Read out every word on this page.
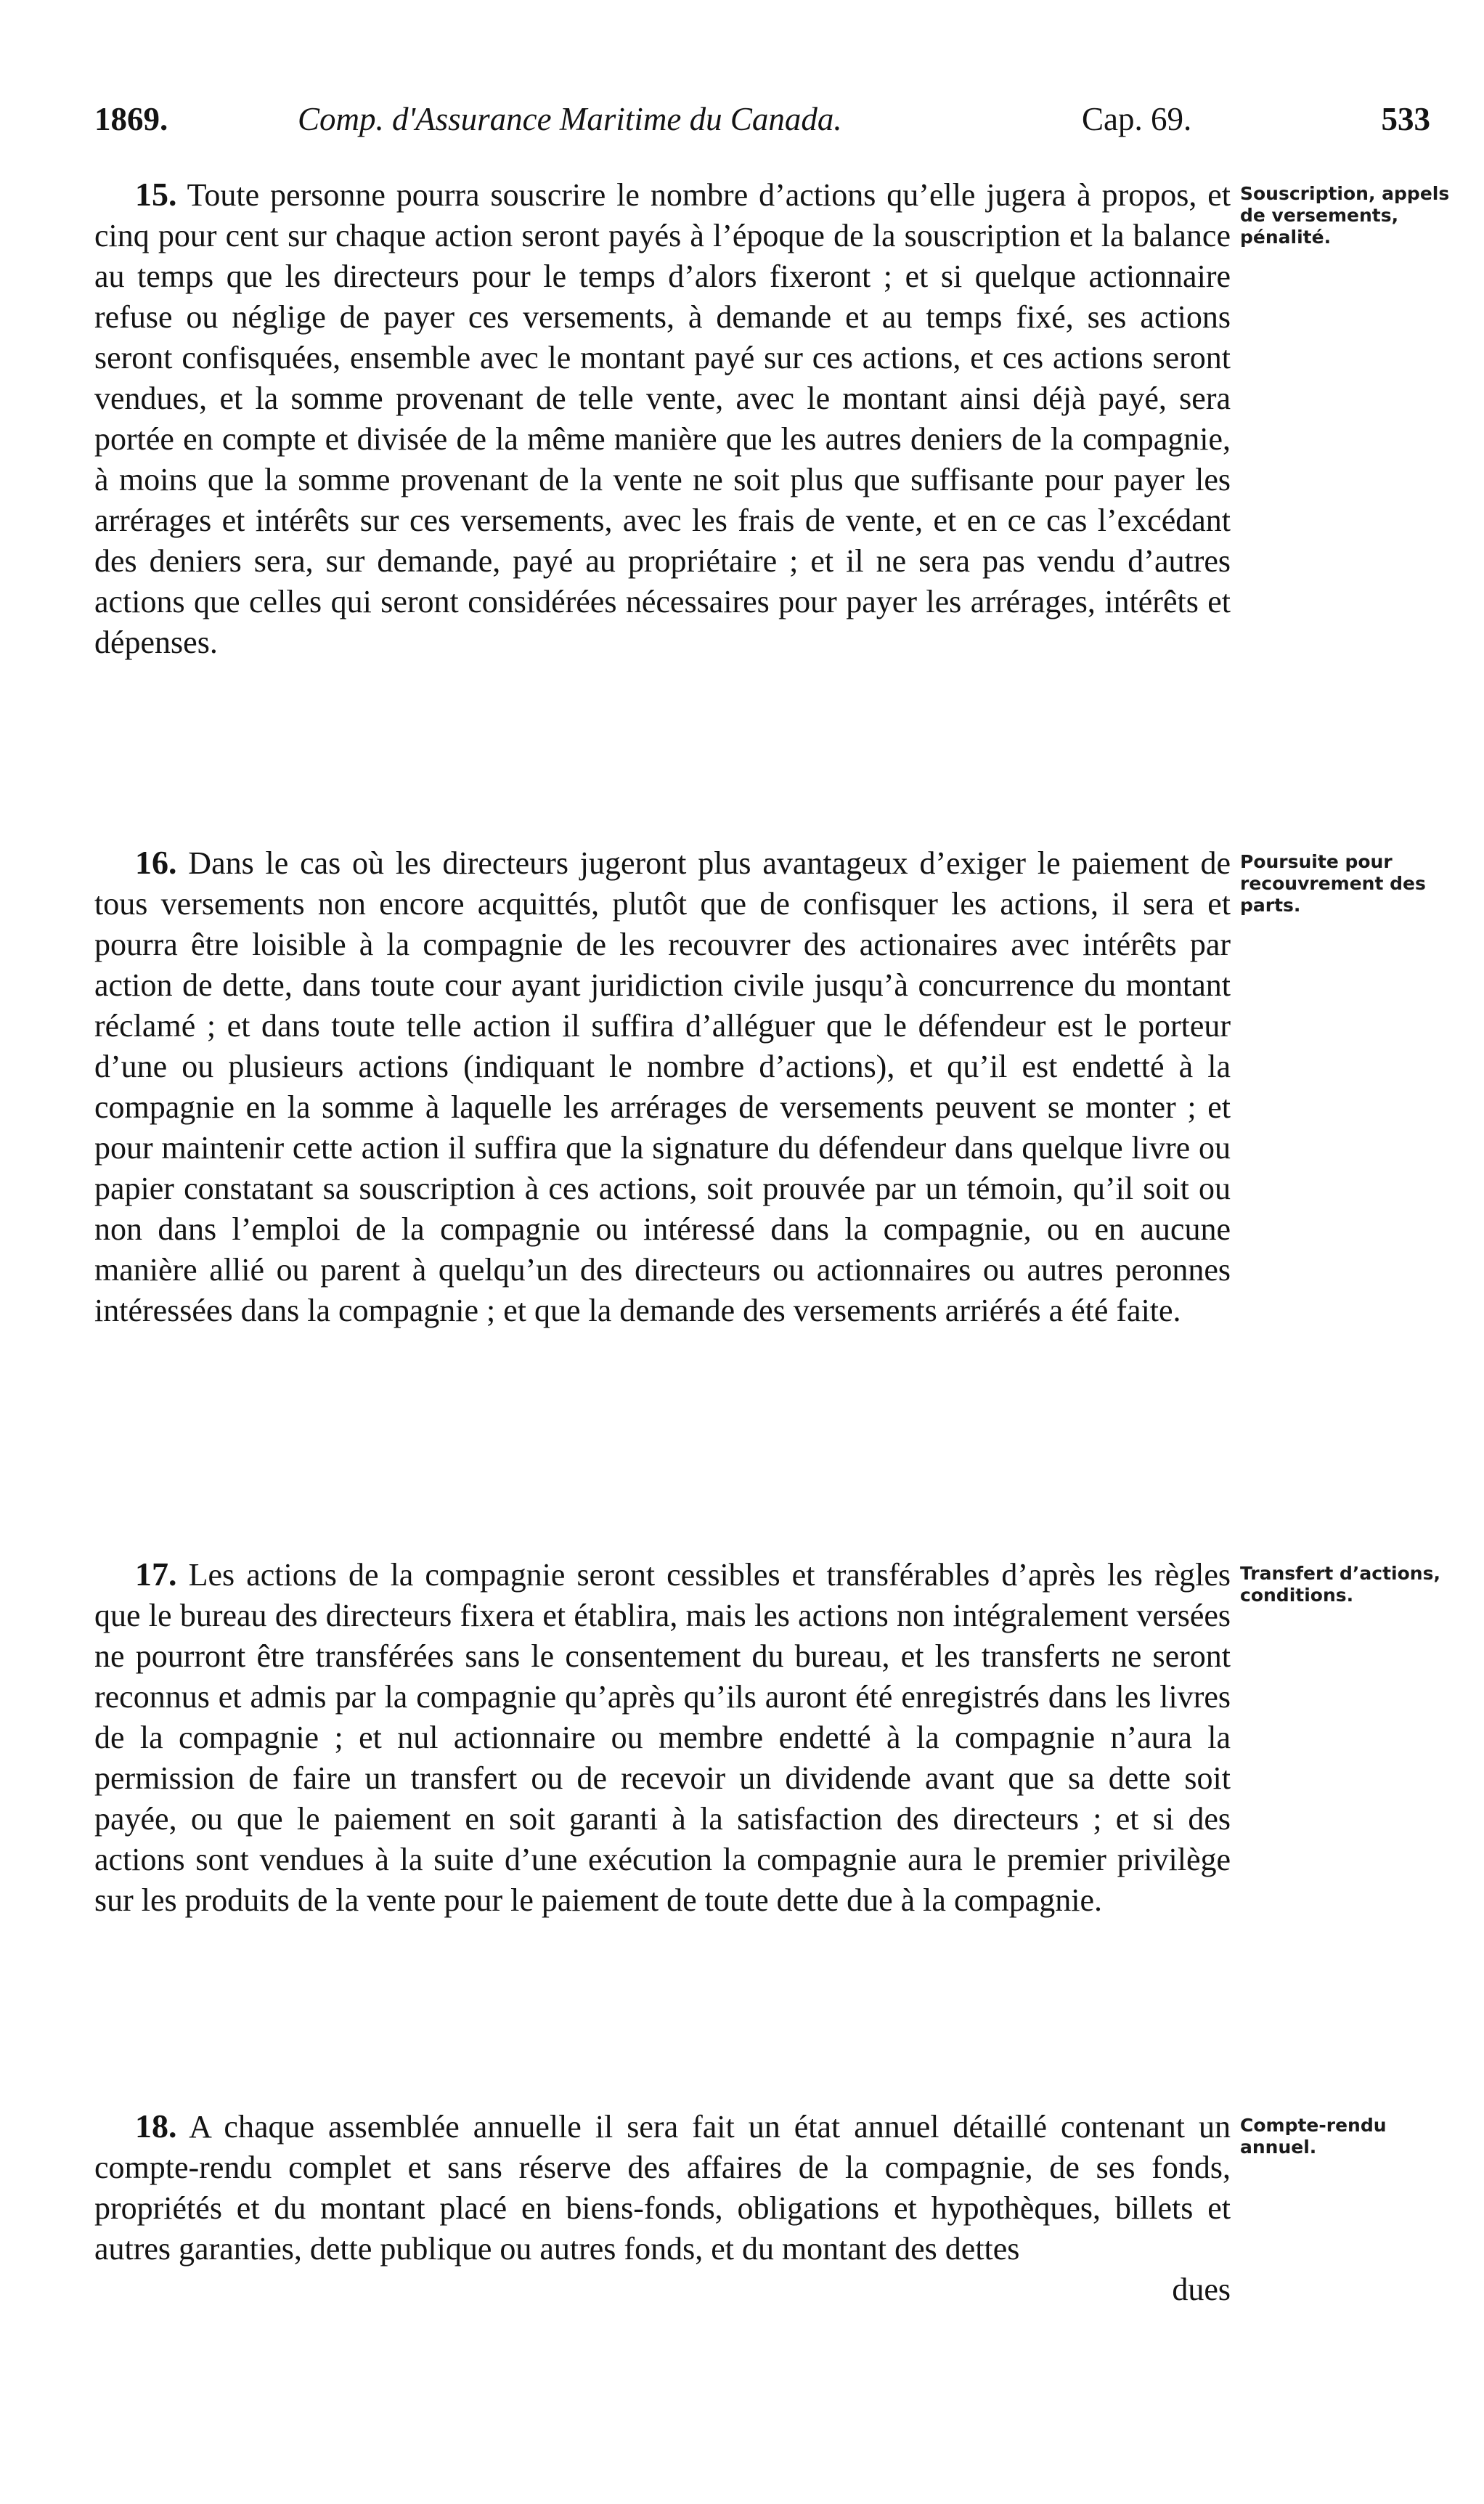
1869.	Comp. d'Assurance Maritime du Canada.	Cap. 69.	533

15. Toute personne pourra souscrire le nombre d’actions qu’elle jugera à propos, et cinq pour cent sur chaque action seront payés à l’époque de la souscription et la balance au temps que les directeurs pour le temps d’alors fixeront ; et si quelque actionnaire refuse ou néglige de payer ces versements, à demande et au temps fixé, ses actions seront confisquées, ensemble avec le montant payé sur ces actions, et ces actions seront vendues, et la somme provenant de telle vente, avec le montant ainsi déjà payé, sera portée en compte et divisée de la même manière que les autres deniers de la compagnie, à moins que la somme provenant de la vente ne soit plus que suffisante pour payer les arrérages et intérêts sur ces versements, avec les frais de vente, et en ce cas l’excédant des deniers sera, sur demande, payé au propriétaire ; et il ne sera pas vendu d’autres actions que celles qui seront considérées nécessaires pour payer les arrérages, intérêts et dépenses.

Souscription, appels de versements, pénalité.

16. Dans le cas où les directeurs jugeront plus avantageux d’exiger le paiement de tous versements non encore acquittés, plutôt que de confisquer les actions, il sera et pourra être loisible à la compagnie de les recouvrer des actionaires avec intérêts par action de dette, dans toute cour ayant juridiction civile jusqu’à concurrence du montant réclamé ; et dans toute telle action il suffira d’alléguer que le défendeur est le porteur d’une ou plusieurs actions (indiquant le nombre d’actions), et qu’il est endetté à la compagnie en la somme à laquelle les arrérages de versements peuvent se monter ; et pour maintenir cette action il suffira que la signature du défendeur dans quelque livre ou papier constatant sa souscription à ces actions, soit prouvée par un témoin, qu’il soit ou non dans l’emploi de la compagnie ou intéressé dans la compagnie, ou en aucune manière allié ou parent à quelqu’un des directeurs ou actionnaires ou autres peronnes intéressées dans la compagnie ; et que la demande des versements arriérés a été faite.

Poursuite pour recouvrement des parts.

17. Les actions de la compagnie seront cessibles et transférables d’après les règles que le bureau des directeurs fixera et établira, mais les actions non intégralement versées ne pourront être transférées sans le consentement du bureau, et les transferts ne seront reconnus et admis par la compagnie qu’après qu’ils auront été enregistrés dans les livres de la compagnie ; et nul actionnaire ou membre endetté à la compagnie n’aura la permission de faire un transfert ou de recevoir un dividende avant que sa dette soit payée, ou que le paiement en soit garanti à la satisfaction des directeurs ; et si des actions sont vendues à la suite d’une exécution la compagnie aura le premier privilège sur les produits de la vente pour le paiement de toute dette due à la compagnie.

Transfert d’actions, conditions.

18. A chaque assemblée annuelle il sera fait un état annuel détaillé contenant un compte-rendu complet et sans réserve des affaires de la compagnie, de ses fonds, propriétés et du montant placé en biens-fonds, obligations et hypothèques, billets et autres garanties, dette publique ou autres fonds, et du montant des dettes

dues

Compte-rendu annuel.
